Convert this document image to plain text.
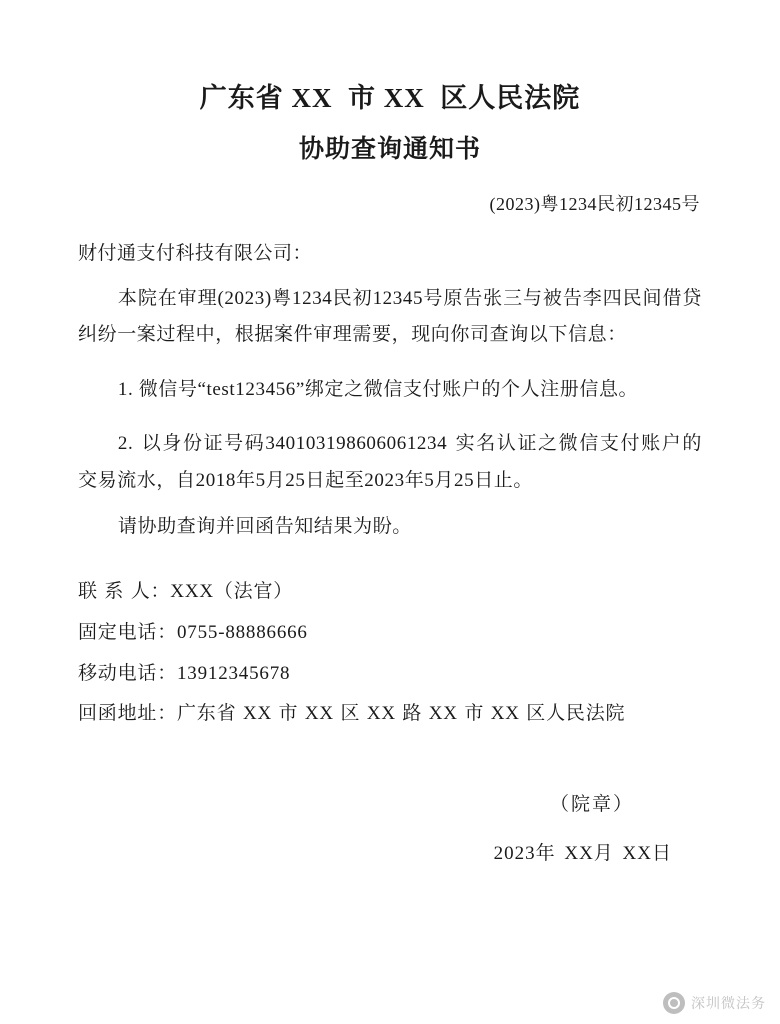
广东省 XX  市 XX  区人民法院
协助查询通知书
(2023)粤1234民初12345号
财付通支付科技有限公司：
本院在审理(2023)粤1234民初12345号原告张三与被告李四民间借贷纠纷一案过程中，根据案件审理需要，现向你司查询以下信息：
1. 微信号“test123456”绑定之微信支付账户的个人注册信息。
2. 以身份证号码340103198606061234 实名认证之微信支付账户的交易流水，自2018年5月25日起至2023年5月25日止。
请协助查询并回函告知结果为盼。
联 系 人：XXX（法官）
固定电话：0755-88886666
移动电话：13912345678
回函地址：广东省 XX 市 XX 区 XX 路 XX 市 XX 区人民法院
（院章）
2023年 XX月 XX日
深圳微法务
